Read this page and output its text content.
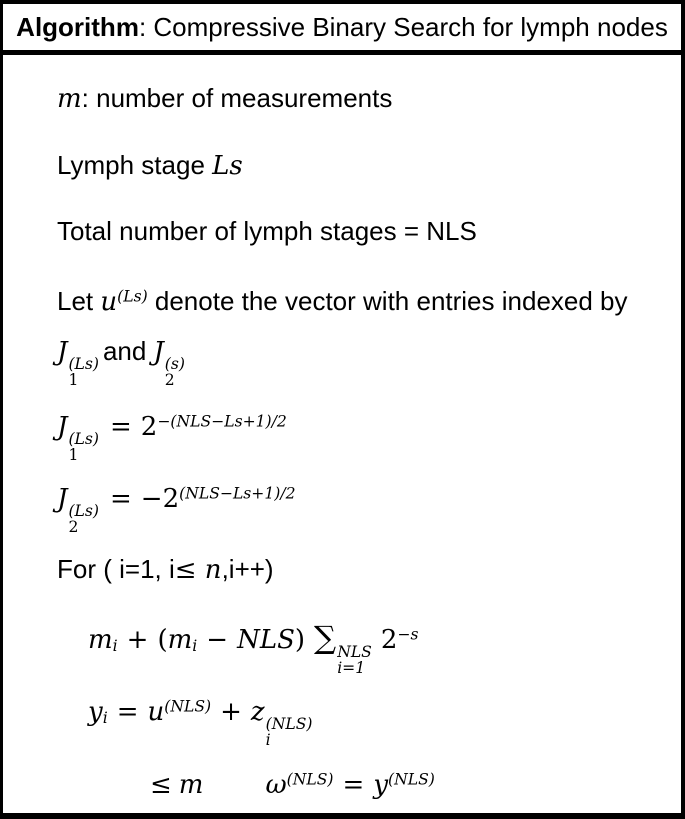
Algorithm : Compressive Binary Search for lymph nodes
m: number of measurements
Lymph stage Ls
Total number of lymph stages = NLS
Let $u^{(Ls)}$ denote the vector with entries indexed by
J (Ls)
1
and J (s)
2
J (Ls)
1
= $2^{-(NLS-Ls+1)/2}$
J (Ls)
2
= $-2^{(NLS-Ls+1)/2}$
For ( i=1, i≤ n,i++)
$m_i + (m_i - NLS)$ ∑ NLS
i=1
$2^{-s}$
$y_i = u^{(NLS)} + z$ (NLS)
i
≤ m $\omega^{(NLS)} = y^{(NLS)}$
